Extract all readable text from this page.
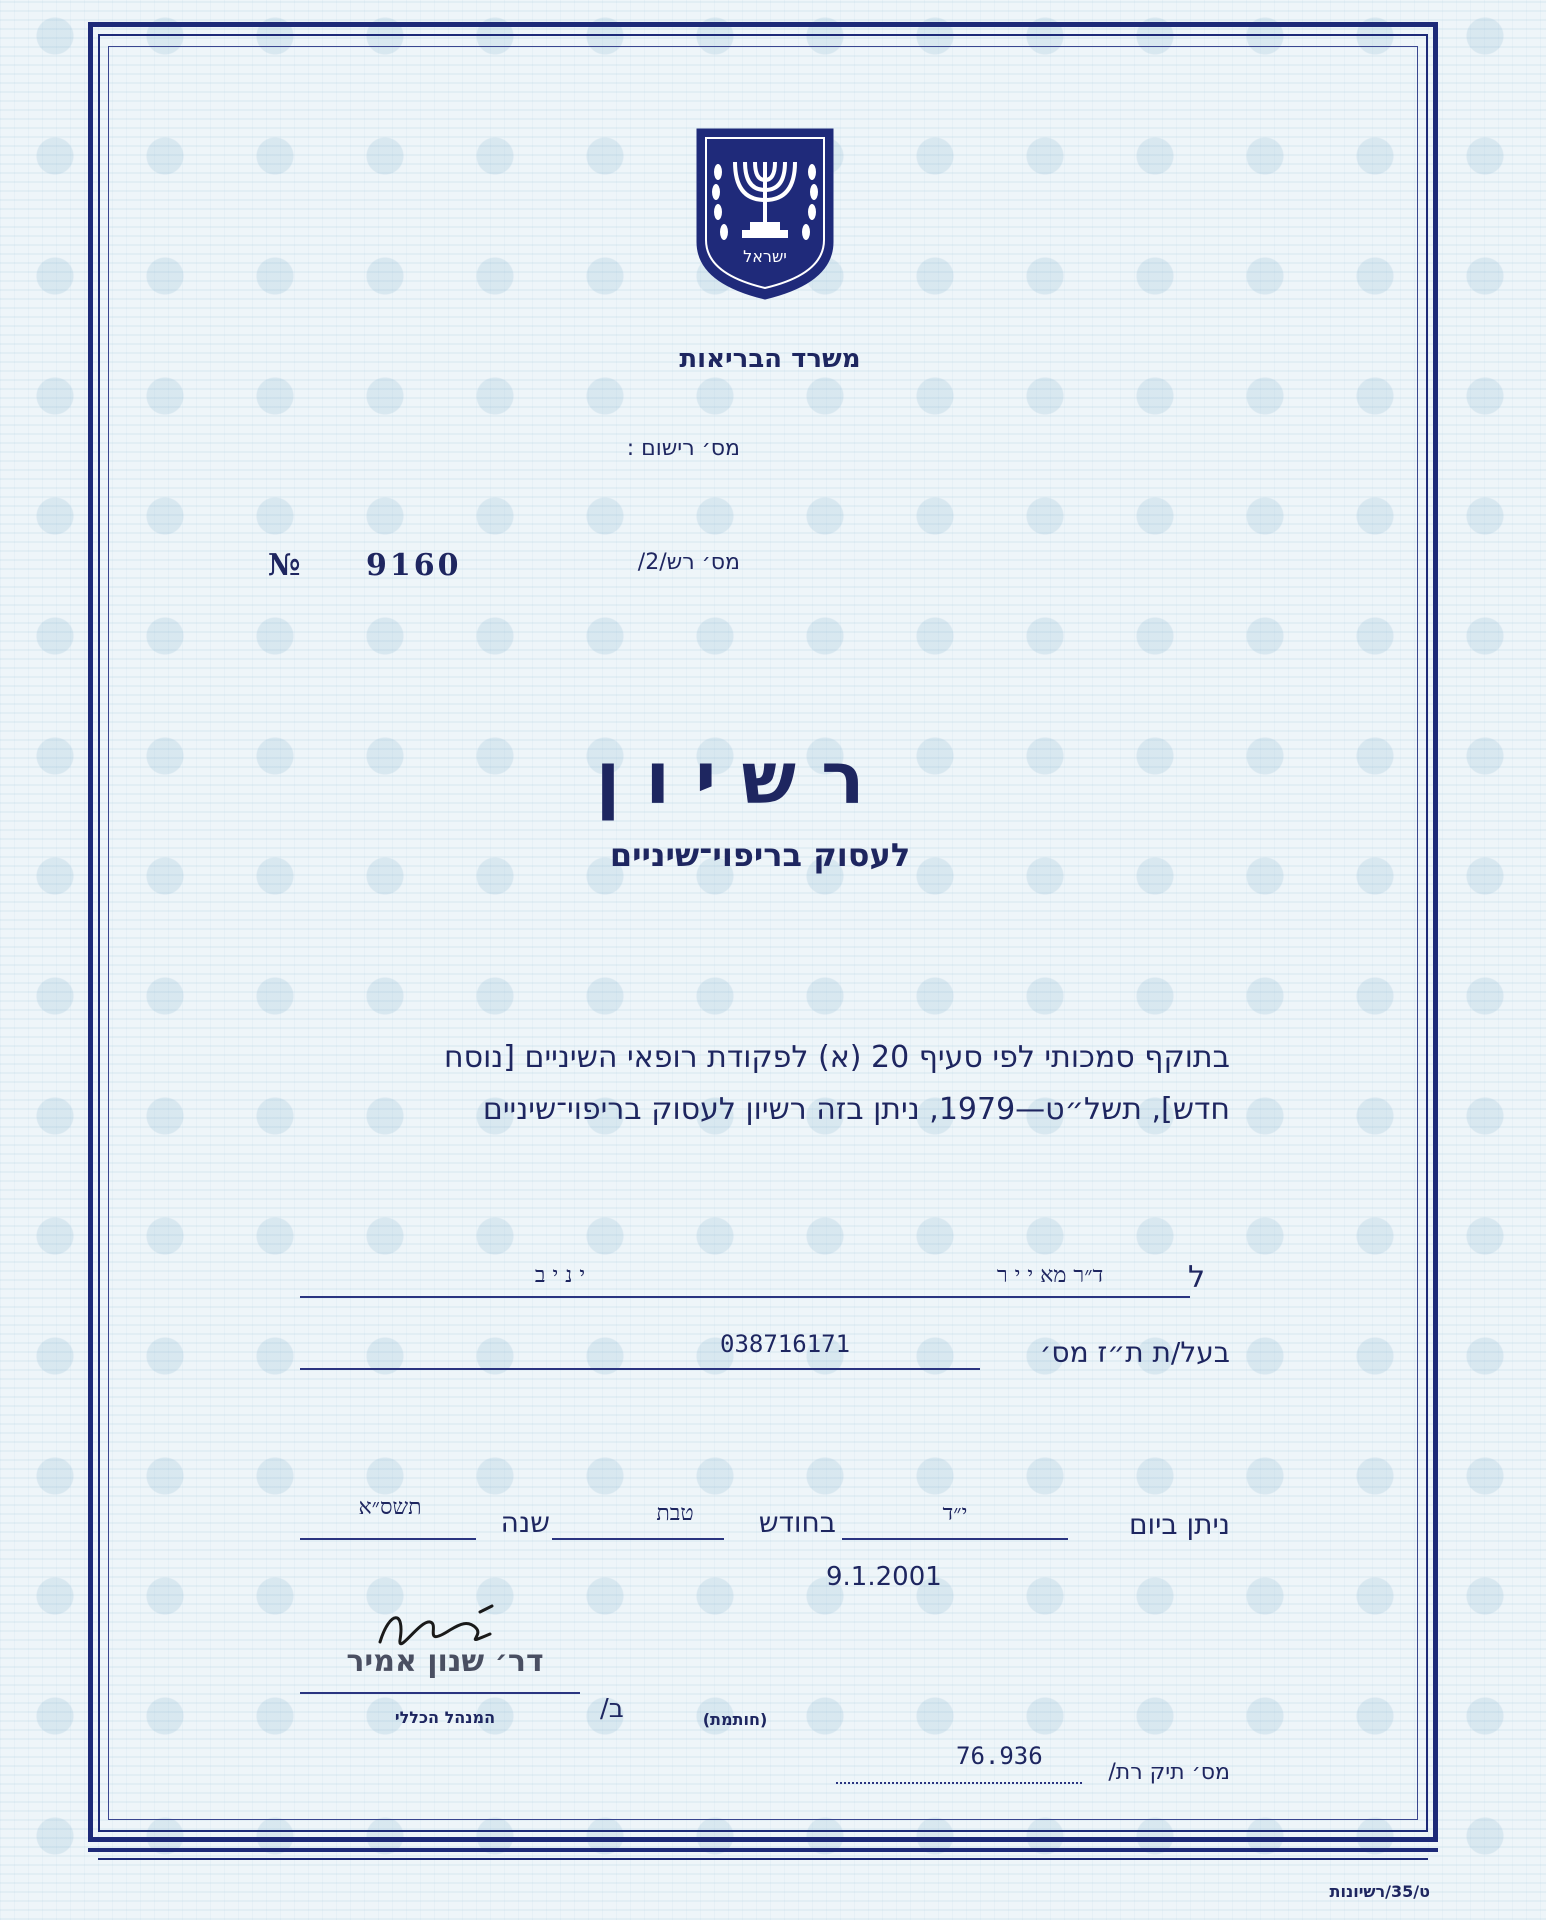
ישראל
משרד הבריאות
מס׳ רישום :
№ 9160	מס׳ רש/2/
ר ש י ו ן
לעסוק בריפוי־שיניים
בתוקף סמכותי לפי סעיף 20 (א) לפקודת רופאי השיניים [נוסח
חדש], תשל״ט—1979, ניתן בזה רשיון לעסוק בריפוי־שיניים
ל
ד״ר מא י י ר
י נ י ב
בעל/ת ת״ז מס׳
038716171
ניתן ביום
י״ד
בחודש
טבת
שנה
תשס״א
9.1.2001
דר׳ שנון אמיר
ב/
המנהל הכללי	(חותמת)
מס׳ תיק רת/
76.936
ט/35/רשיונות
